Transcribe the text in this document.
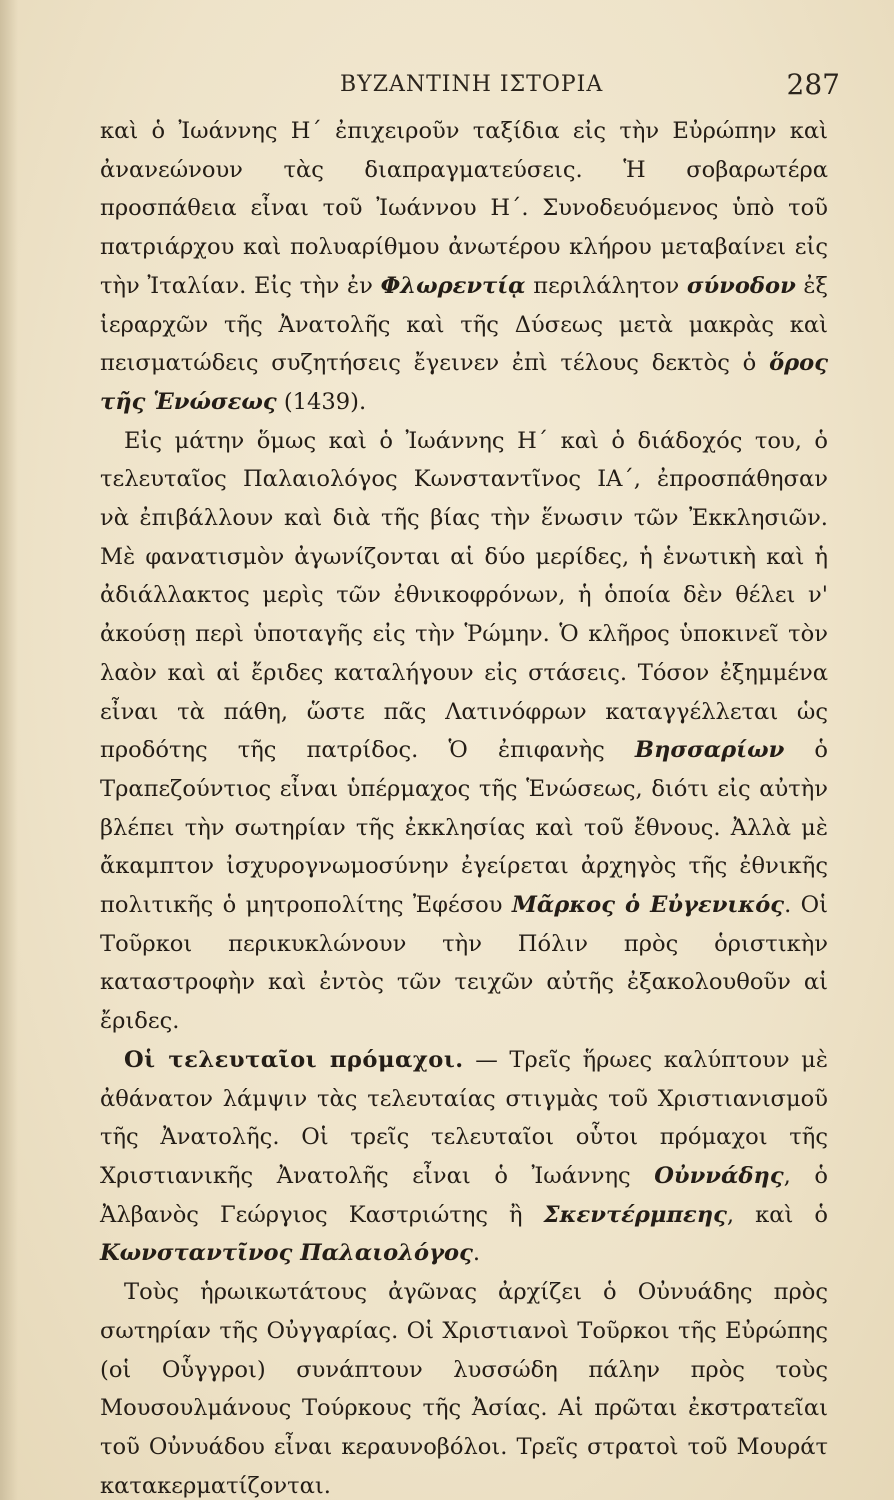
ΒΥΖΑΝΤΙΝΗ ΙΣΤΟΡΙΑ	287

καὶ ὁ Ἰωάννης Η´ ἐπιχειροῦν ταξίδια εἰς τὴν Εὐρώπην καὶ ἀνανεώνουν τὰς διαπραγματεύσεις. Ἡ σοβαρωτέρα προσπάθεια εἶναι τοῦ Ἰωάννου Η´. Συνοδευόμενος ὑπὸ τοῦ πατριάρχου καὶ πολυαρίθμου ἀνωτέρου κλήρου μεταβαίνει εἰς τὴν Ἰταλίαν. Εἰς τὴν ἐν Φλωρεντίᾳ περιλάλητον σύνοδον ἐξ ἱεραρχῶν τῆς Ἀνατολῆς καὶ τῆς Δύσεως μετὰ μακρὰς καὶ πεισματώδεις συζητήσεις ἔγεινεν ἐπὶ τέλους δεκτὸς ὁ ὅρος τῆς Ἑνώσεως (1439).

Εἰς μάτην ὅμως καὶ ὁ Ἰωάννης Η´ καὶ ὁ διάδοχός του, ὁ τελευταῖος Παλαιολόγος Κωνσταντῖνος ΙΑ´, ἐπροσπάθησαν νὰ ἐπιβάλλουν καὶ διὰ τῆς βίας τὴν ἕνωσιν τῶν Ἐκκλησιῶν. Μὲ φανατισμὸν ἀγωνίζονται αἱ δύο μερίδες, ἡ ἑνωτικὴ καὶ ἡ ἀδιάλλακτος μερὶς τῶν ἐθνικοφρόνων, ἡ ὁποία δὲν θέλει ν' ἀκούσῃ περὶ ὑποταγῆς εἰς τὴν Ῥώμην. Ὁ κλῆρος ὑποκινεῖ τὸν λαὸν καὶ αἱ ἔριδες καταλήγουν εἰς στάσεις. Τόσον ἐξημμένα εἶναι τὰ πάθη, ὥστε πᾶς Λατινόφρων καταγγέλλεται ὡς προδότης τῆς πατρίδος. Ὁ ἐπιφανὴς Βησσαρίων ὁ Τραπεζούντιος εἶναι ὑπέρμαχος τῆς Ἑνώσεως, διότι εἰς αὐτὴν βλέπει τὴν σωτηρίαν τῆς ἐκκλησίας καὶ τοῦ ἔθνους. Ἀλλὰ μὲ ἄκαμπτον ἰσχυρογνωμοσύνην ἐγείρεται ἀρχηγὸς τῆς ἐθνικῆς πολιτικῆς ὁ μητροπολίτης Ἐφέσου Μᾶρκος ὁ Εὐγενικός. Οἱ Τοῦρκοι περικυκλώνουν τὴν Πόλιν πρὸς ὁριστικὴν καταστροφὴν καὶ ἐντὸς τῶν τειχῶν αὐτῆς ἐξακολουθοῦν αἱ ἔριδες.

Οἱ τελευταῖοι πρόμαχοι. — Τρεῖς ἥρωες καλύπτουν μὲ ἀθάνατον λάμψιν τὰς τελευταίας στιγμὰς τοῦ Χριστιανισμοῦ τῆς Ἀνατολῆς. Οἱ τρεῖς τελευταῖοι οὗτοι πρόμαχοι τῆς Χριστιανικῆς Ἀνατολῆς εἶναι ὁ Ἰωάννης Οὐννάδης, ὁ Ἀλβανὸς Γεώργιος Καστριώτης ἢ Σκεντέρμπεης, καὶ ὁ Κωνσταντῖνος Παλαιολόγος.

Τοὺς ἡρωικωτάτους ἀγῶνας ἀρχίζει ὁ Οὐνυάδης πρὸς σωτηρίαν τῆς Οὐγγαρίας. Οἱ Χριστιανοὶ Τοῦρκοι τῆς Εὐρώπης (οἱ Οὗγγροι) συνάπτουν λυσσώδη πάλην πρὸς τοὺς Μουσουλμάνους Τούρκους τῆς Ἀσίας. Αἱ πρῶται ἐκστρατεῖαι τοῦ Οὐνυάδου εἶναι κεραυνοβόλοι. Τρεῖς στρατοὶ τοῦ Μουράτ κατακερματίζονται.
